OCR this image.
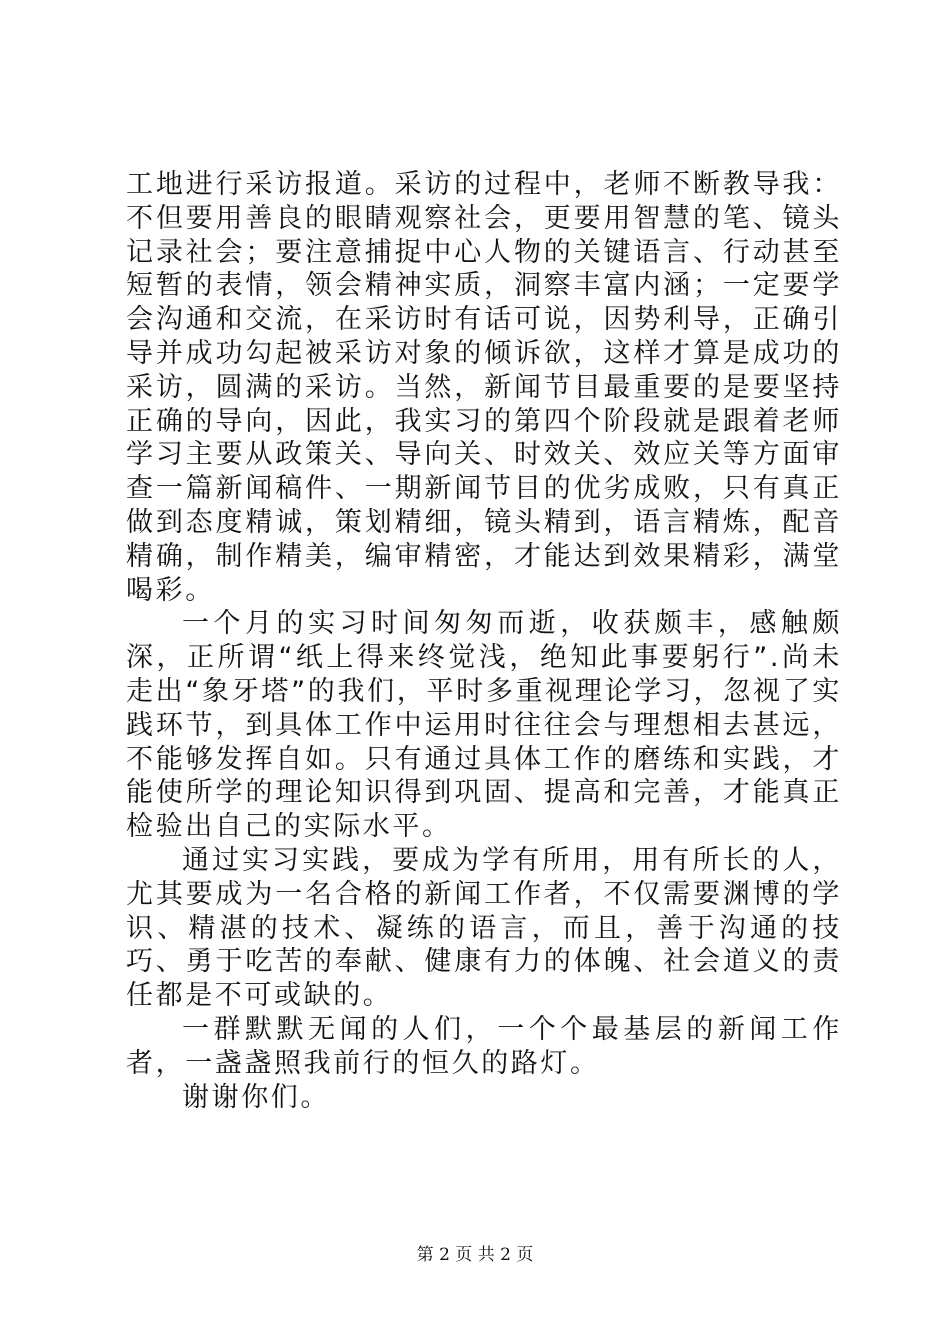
工地进行采访报道。采访的过程中，老师不断教导我：不但要用善良的眼睛观察社会，更要用智慧的笔、镜头记录社会；要注意捕捉中心人物的关键语言、行动甚至短暂的表情，领会精神实质，洞察丰富内涵；一定要学会沟通和交流，在采访时有话可说，因势利导，正确引导并成功勾起被采访对象的倾诉欲，这样才算是成功的采访，圆满的采访。当然，新闻节目最重要的是要坚持正确的导向，因此，我实习的第四个阶段就是跟着老师学习主要从政策关、导向关、时效关、效应关等方面审查一篇新闻稿件、一期新闻节目的优劣成败，只有真正做到态度精诚，策划精细，镜头精到，语言精炼，配音精确，制作精美，编审精密，才能达到效果精彩，满堂喝彩。

一个月的实习时间匆匆而逝，收获颇丰，感触颇深，正所谓“纸上得来终觉浅，绝知此事要躬行”.尚未走出“象牙塔”的我们，平时多重视理论学习，忽视了实践环节，到具体工作中运用时往往会与理想相去甚远，不能够发挥自如。只有通过具体工作的磨练和实践，才能使所学的理论知识得到巩固、提高和完善，才能真正检验出自己的实际水平。

通过实习实践，要成为学有所用，用有所长的人，尤其要成为一名合格的新闻工作者，不仅需要渊博的学识、精湛的技术、凝练的语言，而且，善于沟通的技巧、勇于吃苦的奉献、健康有力的体魄、社会道义的责任都是不可或缺的。

一群默默无闻的人们，一个个最基层的新闻工作者，一盏盏照我前行的恒久的路灯。

谢谢你们。

第 2 页 共 2 页
